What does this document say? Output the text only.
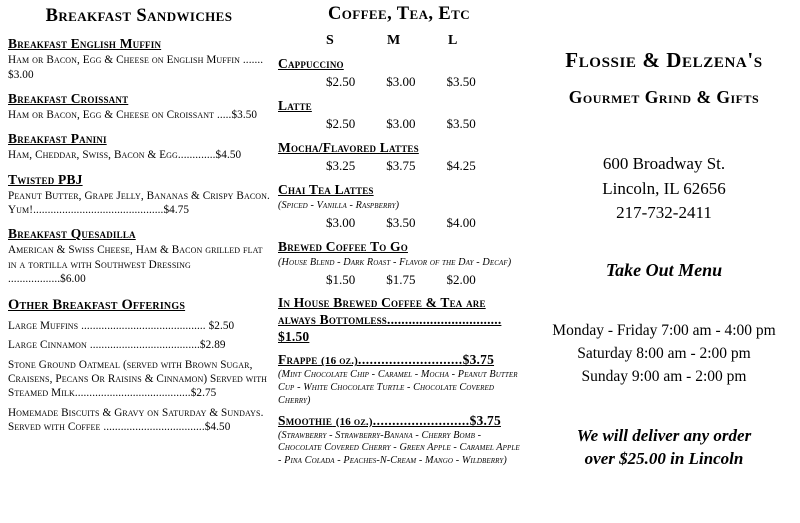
Breakfast Sandwiches
Breakfast English Muffin
Ham or Bacon, Egg & Cheese on English Muffin ....... $3.00
Breakfast Croissant
Ham or Bacon, Egg & Cheese on Croissant .....$3.50
Breakfast Panini
Ham, Cheddar, Swiss, Bacon & Egg.............$4.50
Twisted PBJ
Peanut Butter, Grape Jelly, Bananas & Crispy Bacon. Yum!.............................................$4.75
Breakfast Quesadilla
American & Swiss Cheese, Ham & Bacon grilled flat in a tortilla with Southwest Dressing ..................$6.00
Other Breakfast Offerings
Large Muffins ........................................... $2.50
Large Cinnamon ......................................$2.89
Stone Ground Oatmeal (served with Brown Sugar, Craisens, Pecans Or Raisins & Cinnamon) Served with Steamed Milk........................................$2.75
Homemade Biscuits & Gravy on Saturday & Sundays. Served with Coffee ...................................$4.50
Coffee, Tea, Etc
S	M	L
Cappuccino
$2.50 $3.00 $3.50
Latte
$2.50 $3.00 $3.50
Mocha/Flavored Lattes
$3.25 $3.75 $4.25
Chai Tea Lattes
(Spiced - Vanilla - Raspberry)
$3.00 $3.50 $4.00
Brewed Coffee To Go
(House Blend - Dark Roast - Flavor of the Day - Decaf)
$1.50 $1.75 $2.00
In House Brewed Coffee & Tea are always Bottomless................................ $1.50
Frappe (16 oz.)...........................$3.75
(Mint Chocolate Chip - Caramel - Mocha - Peanut Butter Cup - White Chocolate Turtle - Chocolate Covered Cherry)
Smoothie (16 oz.).........................$3.75
(Strawberry - Strawberry-Banana - Cherry Bomb - Chocolate Covered Cherry - Green Apple - Caramel Apple - Pina Colada - Peaches-N-Cream - Mango - Wildberry)
Flossie & Delzena's
Gourmet Grind & Gifts
600 Broadway St.
Lincoln, IL 62656
217-732-2411
Take Out Menu
Monday - Friday 7:00 am - 4:00 pm
Saturday 8:00 am - 2:00 pm
Sunday 9:00 am - 2:00 pm
We will deliver any order
over $25.00 in Lincoln
